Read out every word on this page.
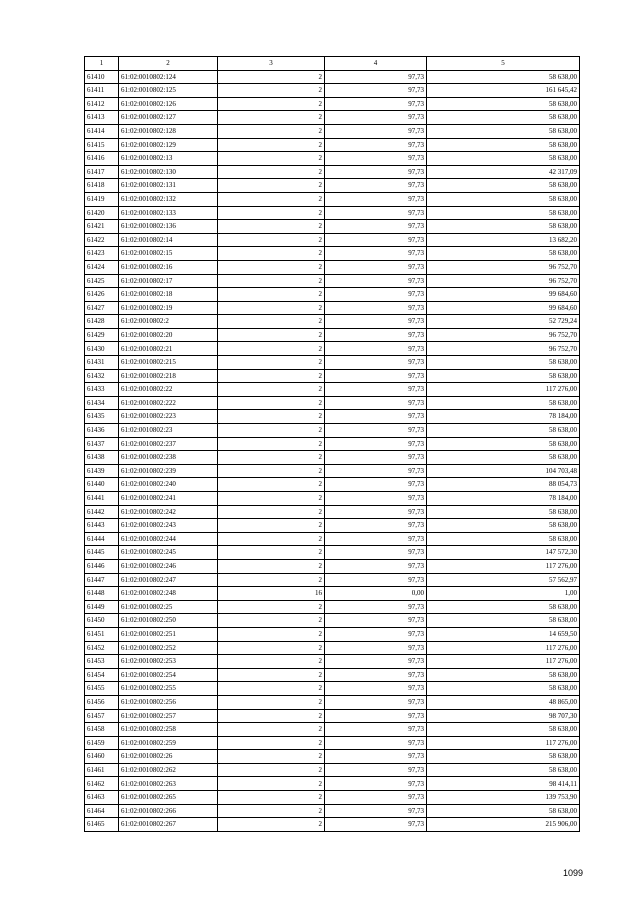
1	2	3	4	5
61410	61:02:0010802:124	2	97,73	58 638,00
61411	61:02:0010802:125	2	97,73	161 645,42
61412	61:02:0010802:126	2	97,73	58 638,00
61413	61:02:0010802:127	2	97,73	58 638,00
61414	61:02:0010802:128	2	97,73	58 638,00
61415	61:02:0010802:129	2	97,73	58 638,00
61416	61:02:0010802:13	2	97,73	58 638,00
61417	61:02:0010802:130	2	97,73	42 317,09
61418	61:02:0010802:131	2	97,73	58 638,00
61419	61:02:0010802:132	2	97,73	58 638,00
61420	61:02:0010802:133	2	97,73	58 638,00
61421	61:02:0010802:136	2	97,73	58 638,00
61422	61:02:0010802:14	2	97,73	13 682,20
61423	61:02:0010802:15	2	97,73	58 638,00
61424	61:02:0010802:16	2	97,73	96 752,70
61425	61:02:0010802:17	2	97,73	96 752,70
61426	61:02:0010802:18	2	97,73	99 684,60
61427	61:02:0010802:19	2	97,73	99 684,60
61428	61:02:0010802:2	2	97,73	52 729,24
61429	61:02:0010802:20	2	97,73	96 752,70
61430	61:02:0010802:21	2	97,73	96 752,70
61431	61:02:0010802:215	2	97,73	58 638,00
61432	61:02:0010802:218	2	97,73	58 638,00
61433	61:02:0010802:22	2	97,73	117 276,00
61434	61:02:0010802:222	2	97,73	58 638,00
61435	61:02:0010802:223	2	97,73	78 184,00
61436	61:02:0010802:23	2	97,73	58 638,00
61437	61:02:0010802:237	2	97,73	58 638,00
61438	61:02:0010802:238	2	97,73	58 638,00
61439	61:02:0010802:239	2	97,73	104 703,48
61440	61:02:0010802:240	2	97,73	88 054,73
61441	61:02:0010802:241	2	97,73	78 184,00
61442	61:02:0010802:242	2	97,73	58 638,00
61443	61:02:0010802:243	2	97,73	58 638,00
61444	61:02:0010802:244	2	97,73	58 638,00
61445	61:02:0010802:245	2	97,73	147 572,30
61446	61:02:0010802:246	2	97,73	117 276,00
61447	61:02:0010802:247	2	97,73	57 562,97
61448	61:02:0010802:248	16	0,00	1,00
61449	61:02:0010802:25	2	97,73	58 638,00
61450	61:02:0010802:250	2	97,73	58 638,00
61451	61:02:0010802:251	2	97,73	14 659,50
61452	61:02:0010802:252	2	97,73	117 276,00
61453	61:02:0010802:253	2	97,73	117 276,00
61454	61:02:0010802:254	2	97,73	58 638,00
61455	61:02:0010802:255	2	97,73	58 638,00
61456	61:02:0010802:256	2	97,73	48 865,00
61457	61:02:0010802:257	2	97,73	98 707,30
61458	61:02:0010802:258	2	97,73	58 638,00
61459	61:02:0010802:259	2	97,73	117 276,00
61460	61:02:0010802:26	2	97,73	58 638,00
61461	61:02:0010802:262	2	97,73	58 638,00
61462	61:02:0010802:263	2	97,73	98 414,11
61463	61:02:0010802:265	2	97,73	139 753,90
61464	61:02:0010802:266	2	97,73	58 638,00
61465	61:02:0010802:267	2	97,73	215 906,00
1099
